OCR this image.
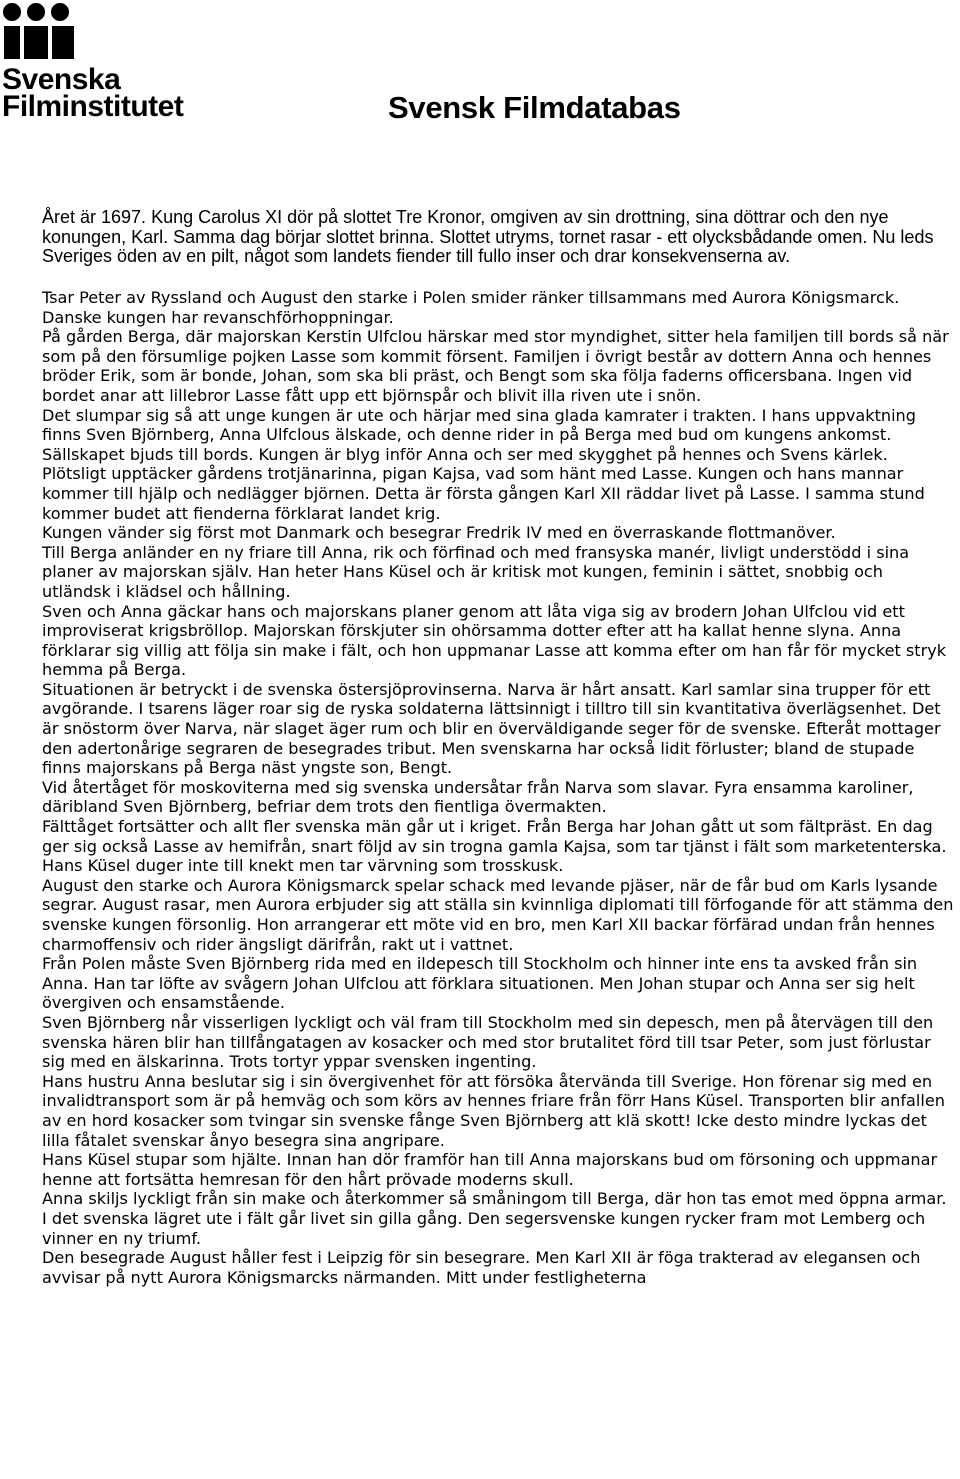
Svenska
Filminstitutet	Svensk Filmdatabas

Året är 1697. Kung Carolus XI dör på slottet Tre Kronor, omgiven av sin drottning, sina döttrar och den nye konungen, Karl. Samma dag börjar slottet brinna. Slottet utryms, tornet rasar - ett olycksbådande omen. Nu leds Sveriges öden av en pilt, något som landets fiender till fullo inser och drar konsekvenserna av.

Tsar Peter av Ryssland och August den starke i Polen smider ränker tillsammans med Aurora Königsmarck. Danske kungen har revanschförhoppningar.

På gården Berga, där majorskan Kerstin Ulfclou härskar med stor myndighet, sitter hela familjen till bords så när som på den försumlige pojken Lasse som kommit försent. Familjen i övrigt består av dottern Anna och hennes bröder Erik, som är bonde, Johan, som ska bli präst, och Bengt som ska följa faderns officersbana. Ingen vid bordet anar att lillebror Lasse fått upp ett björnspår och blivit illa riven ute i snön.

Det slumpar sig så att unge kungen är ute och härjar med sina glada kamrater i trakten. I hans uppvaktning finns Sven Björnberg, Anna Ulfclous älskade, och denne rider in på Berga med bud om kungens ankomst.

Sällskapet bjuds till bords. Kungen är blyg inför Anna och ser med skygghet på hennes och Svens kärlek. Plötsligt upptäcker gårdens trotjänarinna, pigan Kajsa, vad som hänt med Lasse. Kungen och hans mannar kommer till hjälp och nedlägger björnen. Detta är första gången Karl XII räddar livet på Lasse. I samma stund kommer budet att fienderna förklarat landet krig.

Kungen vänder sig först mot Danmark och besegrar Fredrik IV med en överraskande flottmanöver.

Till Berga anländer en ny friare till Anna, rik och förfinad och med fransyska manér, livligt understödd i sina planer av majorskan själv. Han heter Hans Küsel och är kritisk mot kungen, feminin i sättet, snobbig och utländsk i klädsel och hållning.

Sven och Anna gäckar hans och majorskans planer genom att låta viga sig av brodern Johan Ulfclou vid ett improviserat krigsbröllop. Majorskan förskjuter sin ohörsamma dotter efter att ha kallat henne slyna. Anna förklarar sig villig att följa sin make i fält, och hon uppmanar Lasse att komma efter om han får för mycket stryk hemma på Berga.

Situationen är betryckt i de svenska östersjöprovinserna. Narva är hårt ansatt. Karl samlar sina trupper för ett avgörande. I tsarens läger roar sig de ryska soldaterna lättsinnigt i tilltro till sin kvantitativa överlägsenhet. Det är snöstorm över Narva, när slaget äger rum och blir en överväldigande seger för de svenske. Efteråt mottager den adertonårige segraren de besegrades tribut. Men svenskarna har också lidit förluster; bland de stupade finns majorskans på Berga näst yngste son, Bengt.

Vid återtåget för moskoviterna med sig svenska undersåtar från Narva som slavar. Fyra ensamma karoliner, däribland Sven Björnberg, befriar dem trots den fientliga övermakten.

Fälttåget fortsätter och allt fler svenska män går ut i kriget. Från Berga har Johan gått ut som fältpräst. En dag ger sig också Lasse av hemifrån, snart följd av sin trogna gamla Kajsa, som tar tjänst i fält som marketenterska. Hans Küsel duger inte till knekt men tar värvning som trosskusk.

August den starke och Aurora Königsmarck spelar schack med levande pjäser, när de får bud om Karls lysande segrar. August rasar, men Aurora erbjuder sig att ställa sin kvinnliga diplomati till förfogande för att stämma den svenske kungen försonlig. Hon arrangerar ett möte vid en bro, men Karl XII backar förfärad undan från hennes charmoffensiv och rider ängsligt därifrån, rakt ut i vattnet.

Från Polen måste Sven Björnberg rida med en ildepesch till Stockholm och hinner inte ens ta avsked från sin Anna. Han tar löfte av svågern Johan Ulfclou att förklara situationen. Men Johan stupar och Anna ser sig helt övergiven och ensamstående.

Sven Björnberg når visserligen lyckligt och väl fram till Stockholm med sin depesch, men på återvägen till den svenska hären blir han tillfångatagen av kosacker och med stor brutalitet förd till tsar Peter, som just förlustar sig med en älskarinna. Trots tortyr yppar svensken ingenting.

Hans hustru Anna beslutar sig i sin övergivenhet för att försöka återvända till Sverige. Hon förenar sig med en invalidtransport som är på hemväg och som körs av hennes friare från förr Hans Küsel. Transporten blir anfallen av en hord kosacker som tvingar sin svenske fånge Sven Björnberg att klä skott! Icke desto mindre lyckas det lilla fåtalet svenskar ånyo besegra sina angripare.

Hans Küsel stupar som hjälte. Innan han dör framför han till Anna majorskans bud om försoning och uppmanar henne att fortsätta hemresan för den hårt prövade moderns skull.

Anna skiljs lyckligt från sin make och återkommer så småningom till Berga, där hon tas emot med öppna armar.

I det svenska lägret ute i fält går livet sin gilla gång. Den segersvenske kungen rycker fram mot Lemberg och vinner en ny triumf.

Den besegrade August håller fest i Leipzig för sin besegrare. Men Karl XII är föga trakterad av elegansen och avvisar på nytt Aurora Königsmarcks närmanden. Mitt under festligheterna
